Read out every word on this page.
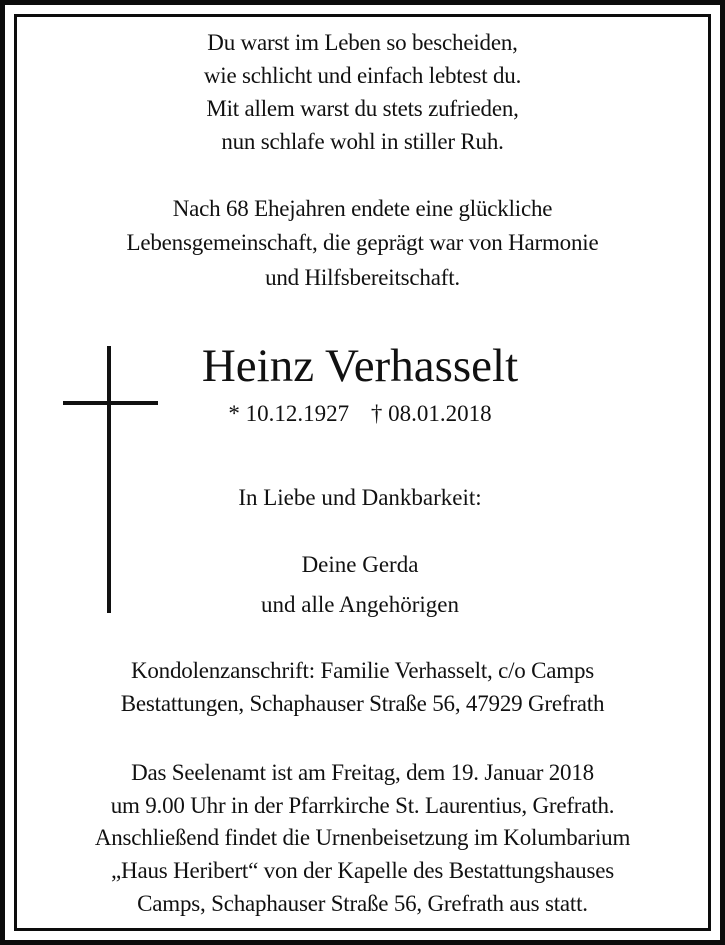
Du warst im Leben so bescheiden,
wie schlicht und einfach lebtest du.
Mit allem warst du stets zufrieden,
nun schlafe wohl in stiller Ruh.
Nach 68 Ehejahren endete eine glückliche
Lebensgemeinschaft, die geprägt war von Harmonie
und Hilfsbereitschaft.
Heinz Verhasselt
* 10.12.1927 † 08.01.2018
In Liebe und Dankbarkeit:
Deine Gerda
und alle Angehörigen
Kondolenzanschrift: Familie Verhasselt, c/o Camps
Bestattungen, Schaphauser Straße 56, 47929 Grefrath
Das Seelenamt ist am Freitag, dem 19. Januar 2018
um 9.00 Uhr in der Pfarrkirche St. Laurentius, Grefrath.
Anschließend findet die Urnenbeisetzung im Kolumbarium
„Haus Heribert“ von der Kapelle des Bestattungshauses
Camps, Schaphauser Straße 56, Grefrath aus statt.
